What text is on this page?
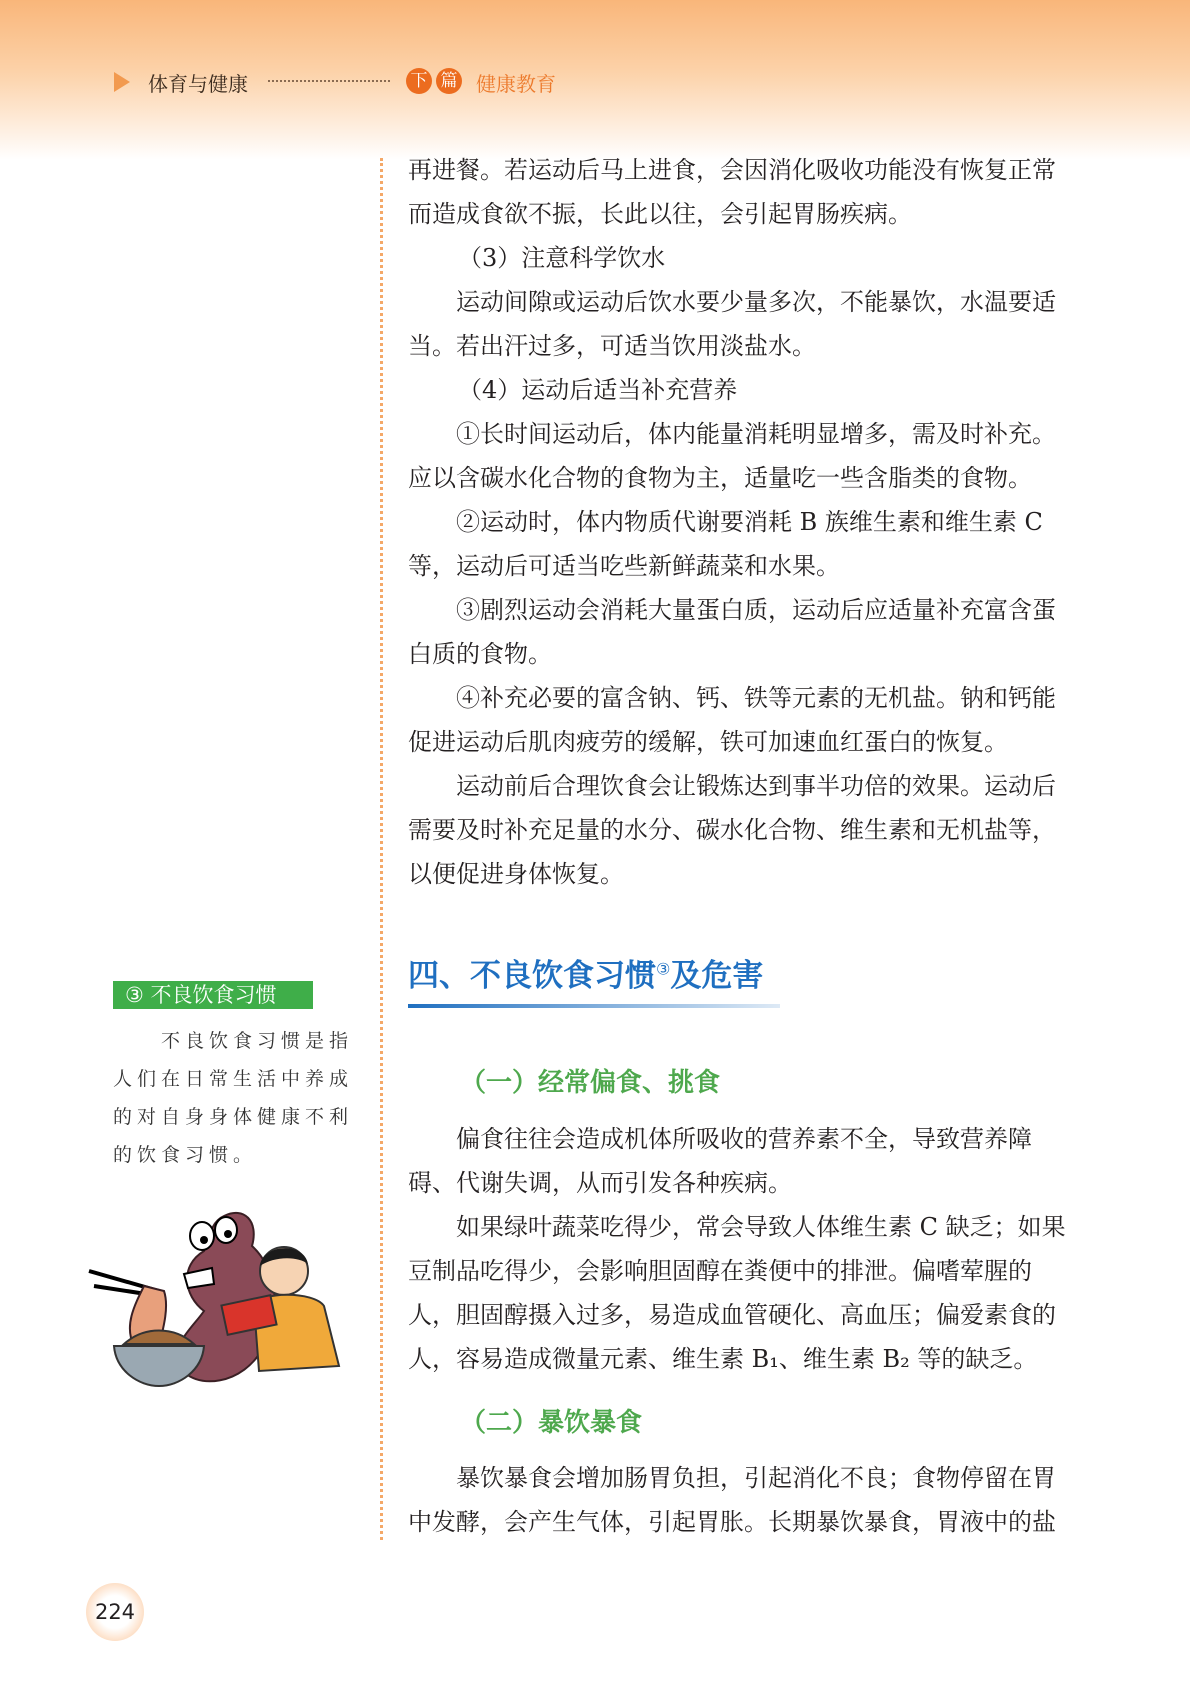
体育与健康	下 篇 健康教育

再进餐。若运动后马上进食，会因消化吸收功能没有恢复正常而造成食欲不振，长此以往，会引起胃肠疾病。

（3）注意科学饮水

运动间隙或运动后饮水要少量多次，不能暴饮，水温要适当。若出汗过多，可适当饮用淡盐水。

（4）运动后适当补充营养

①长时间运动后，体内能量消耗明显增多，需及时补充。应以含碳水化合物的食物为主，适量吃一些含脂类的食物。

②运动时，体内物质代谢要消耗 B 族维生素和维生素 C 等，运动后可适当吃些新鲜蔬菜和水果。

③剧烈运动会消耗大量蛋白质，运动后应适量补充富含蛋白质的食物。

④补充必要的富含钠、钙、铁等元素的无机盐。钠和钙能促进运动后肌肉疲劳的缓解，铁可加速血红蛋白的恢复。

运动前后合理饮食会让锻炼达到事半功倍的效果。运动后需要及时补充足量的水分、碳水化合物、维生素和无机盐等，以便促进身体恢复。

四、不良饮食习惯③及危害
（一）经常偏食、挑食

偏食往往会造成机体所吸收的营养素不全，导致营养障碍、代谢失调，从而引发各种疾病。

如果绿叶蔬菜吃得少，常会导致人体维生素 C 缺乏；如果豆制品吃得少，会影响胆固醇在粪便中的排泄。偏嗜荤腥的人，胆固醇摄入过多，易造成血管硬化、高血压；偏爱素食的人，容易造成微量元素、维生素 B₁、维生素 B₂ 等的缺乏。

（二）暴饮暴食

暴饮暴食会增加肠胃负担，引起消化不良；食物停留在胃中发酵，会产生气体，引起胃胀。长期暴饮暴食，胃液中的盐

③ 不良饮食习惯

　　不良饮食习惯是指人们在日常生活中养成的对自身身体健康不利的饮食习惯。

224
